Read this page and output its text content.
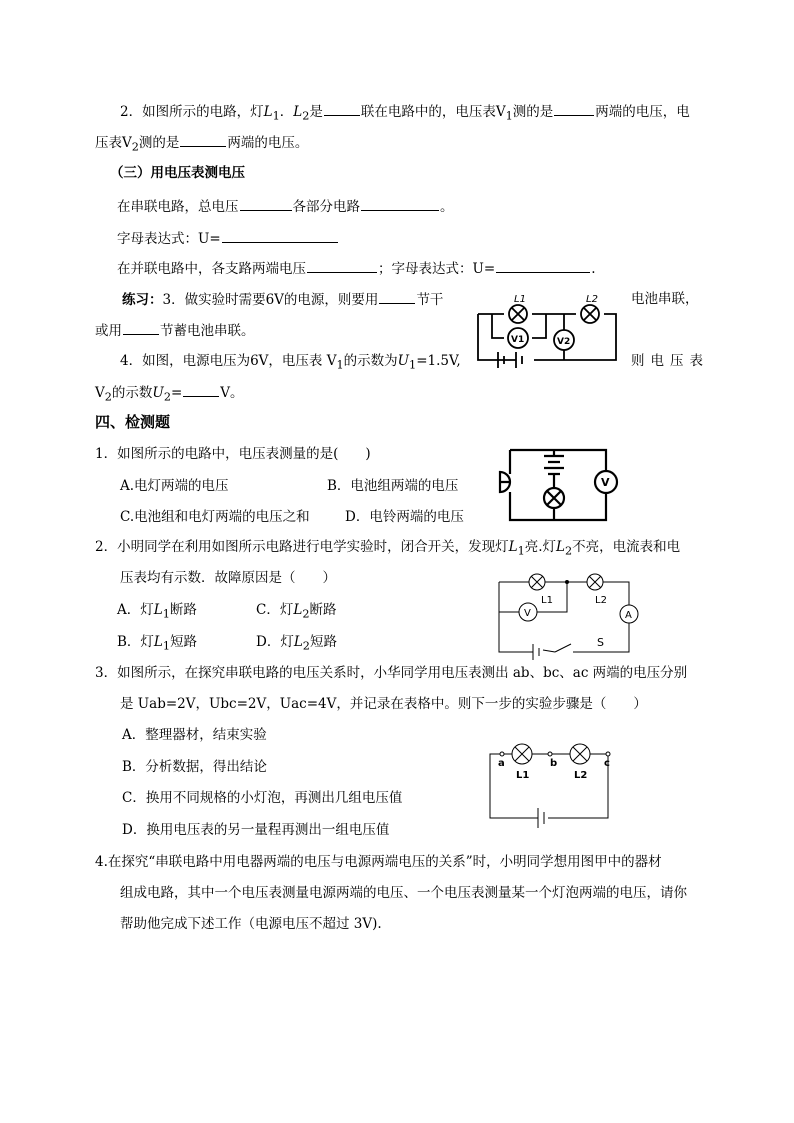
2．如图所示的电路，灯$L_1$．$L_2$是	联在电路中的，电压表$V_1$测的是	两端的电压，电
压表$V_2$测的是	两端的电压。
（三）用电压表测电压
在串联电路，总电压	各部分电路	。
字母表达式：U=
在并联电路中，各支路两端电压	；字母表达式：U=	.
练习：3．做实验时需要6V的电源，则要用	节干	电池串联，
或用	节蓄电池串联。
4．如图，电源电压为6V，电压表 $V_1$的示数为$U_1=1.5V$,	则电压表
$V_2$的示数$U_2=$	V。
L1	L2
V1	V2
四、检测题
1．如图所示的电路中，电压表测量的是(　　)
A.电灯两端的电压	B．电池组两端的电压
C.电池组和电灯两端的电压之和	D．电铃两端的电压
V
2．小明同学在利用如图所示电路进行电学实验时，闭合开关，发现灯$L_1$亮.灯$L_2$不亮，电流表和电
压表均有示数．故障原因是（　　）
A．灯$L_1$断路	C．灯$L_2$断路
B．灯$L_1$短路	D．灯$L_2$短路
L1	L2
V	A
S
3．如图所示，在探究串联电路的电压关系时，小华同学用电压表测出 ab、bc、ac 两端的电压分别
是 Uab=2V，Ubc=2V，Uac=4V，并记录在表格中。则下一步的实验步骤是（　　）
A．整理器材，结束实验
B．分析数据，得出结论
C．换用不同规格的小灯泡，再测出几组电压值
D．换用电压表的另一量程再测出一组电压值
a	b	c
L1	L2
4.在探究“串联电路中用电器两端的电压与电源两端电压的关系”时，小明同学想用图甲中的器材
组成电路，其中一个电压表测量电源两端的电压、一个电压表测量某一个灯泡两端的电压，请你
帮助他完成下述工作（电源电压不超过 3V).
